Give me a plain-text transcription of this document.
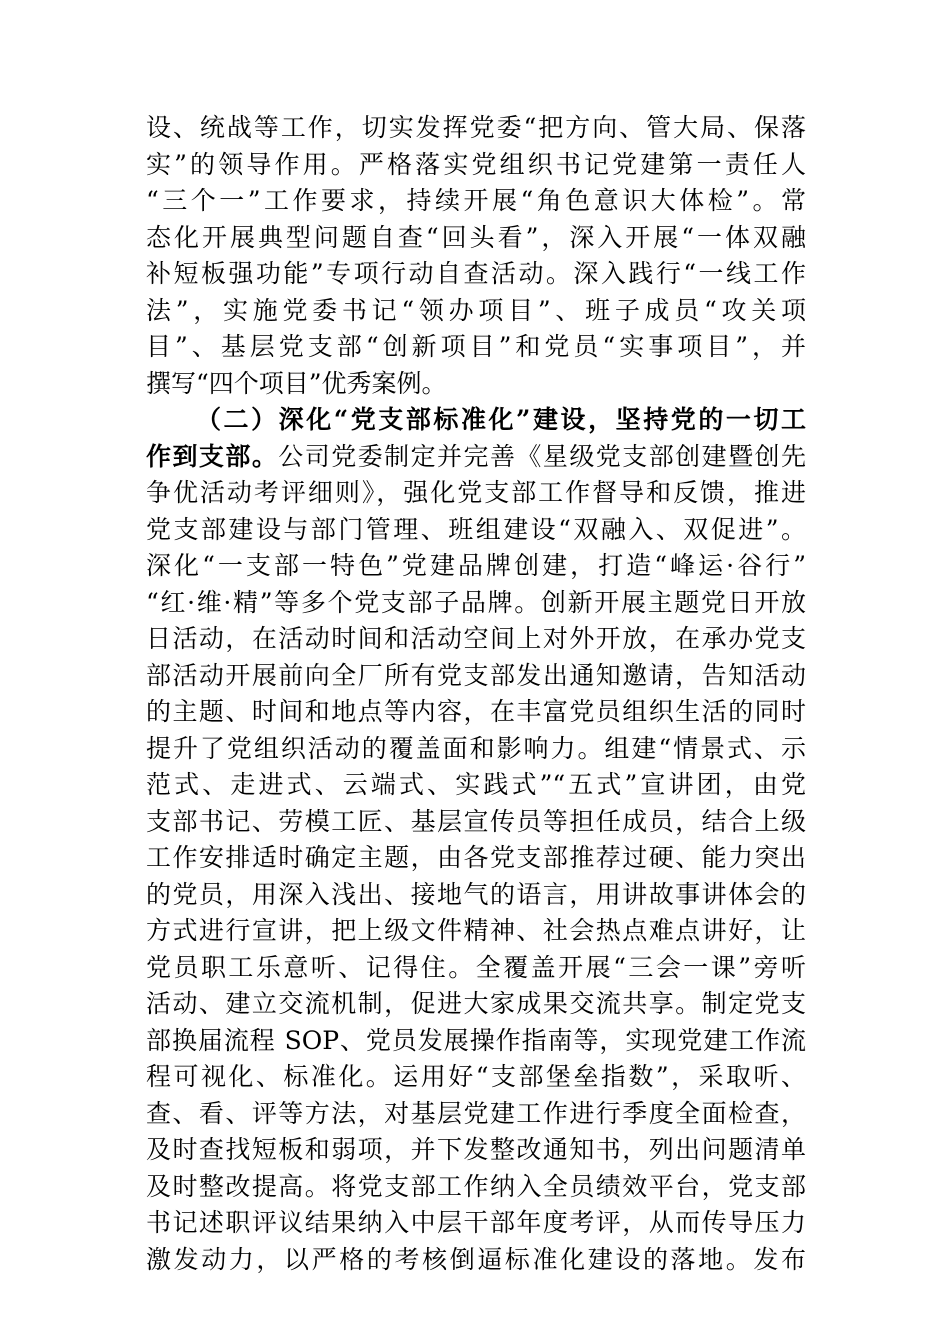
设、统战等工作，切实发挥党委“把方向、管大局、保落
实”的领导作用。严格落实党组织书记党建第一责任人
“三个一”工作要求，持续开展“角色意识大体检”。常
态化开展典型问题自查“回头看”，深入开展“一体双融
补短板强功能”专项行动自查活动。深入践行“一线工作
法”，实施党委书记“领办项目”、班子成员“攻关项
目”、基层党支部“创新项目”和党员“实事项目”，并
撰写“四个项目”优秀案例。
（二）深化“党支部标准化”建设，坚持党的一切工
作到支部。公司党委制定并完善《星级党支部创建暨创先
争优活动考评细则》，强化党支部工作督导和反馈，推进
党支部建设与部门管理、班组建设“双融入、双促进”。
深化“一支部一特色”党建品牌创建，打造“峰运·谷行”
“红·维·精”等多个党支部子品牌。创新开展主题党日开放
日活动，在活动时间和活动空间上对外开放，在承办党支
部活动开展前向全厂所有党支部发出通知邀请，告知活动
的主题、时间和地点等内容，在丰富党员组织生活的同时
提升了党组织活动的覆盖面和影响力。组建“情景式、示
范式、走进式、云端式、实践式”“五式”宣讲团，由党
支部书记、劳模工匠、基层宣传员等担任成员，结合上级
工作安排适时确定主题，由各党支部推荐过硬、能力突出
的党员，用深入浅出、接地气的语言，用讲故事讲体会的
方式进行宣讲，把上级文件精神、社会热点难点讲好，让
党员职工乐意听、记得住。全覆盖开展“三会一课”旁听
活动、建立交流机制，促进大家成果交流共享。制定党支
部换届流程 SOP、党员发展操作指南等，实现党建工作流
程可视化、标准化。运用好“支部堡垒指数”，采取听、
查、看、评等方法，对基层党建工作进行季度全面检查，
及时查找短板和弱项，并下发整改通知书，列出问题清单
及时整改提高。将党支部工作纳入全员绩效平台，党支部
书记述职评议结果纳入中层干部年度考评，从而传导压力
激发动力，以严格的考核倒逼标准化建设的落地。发布
